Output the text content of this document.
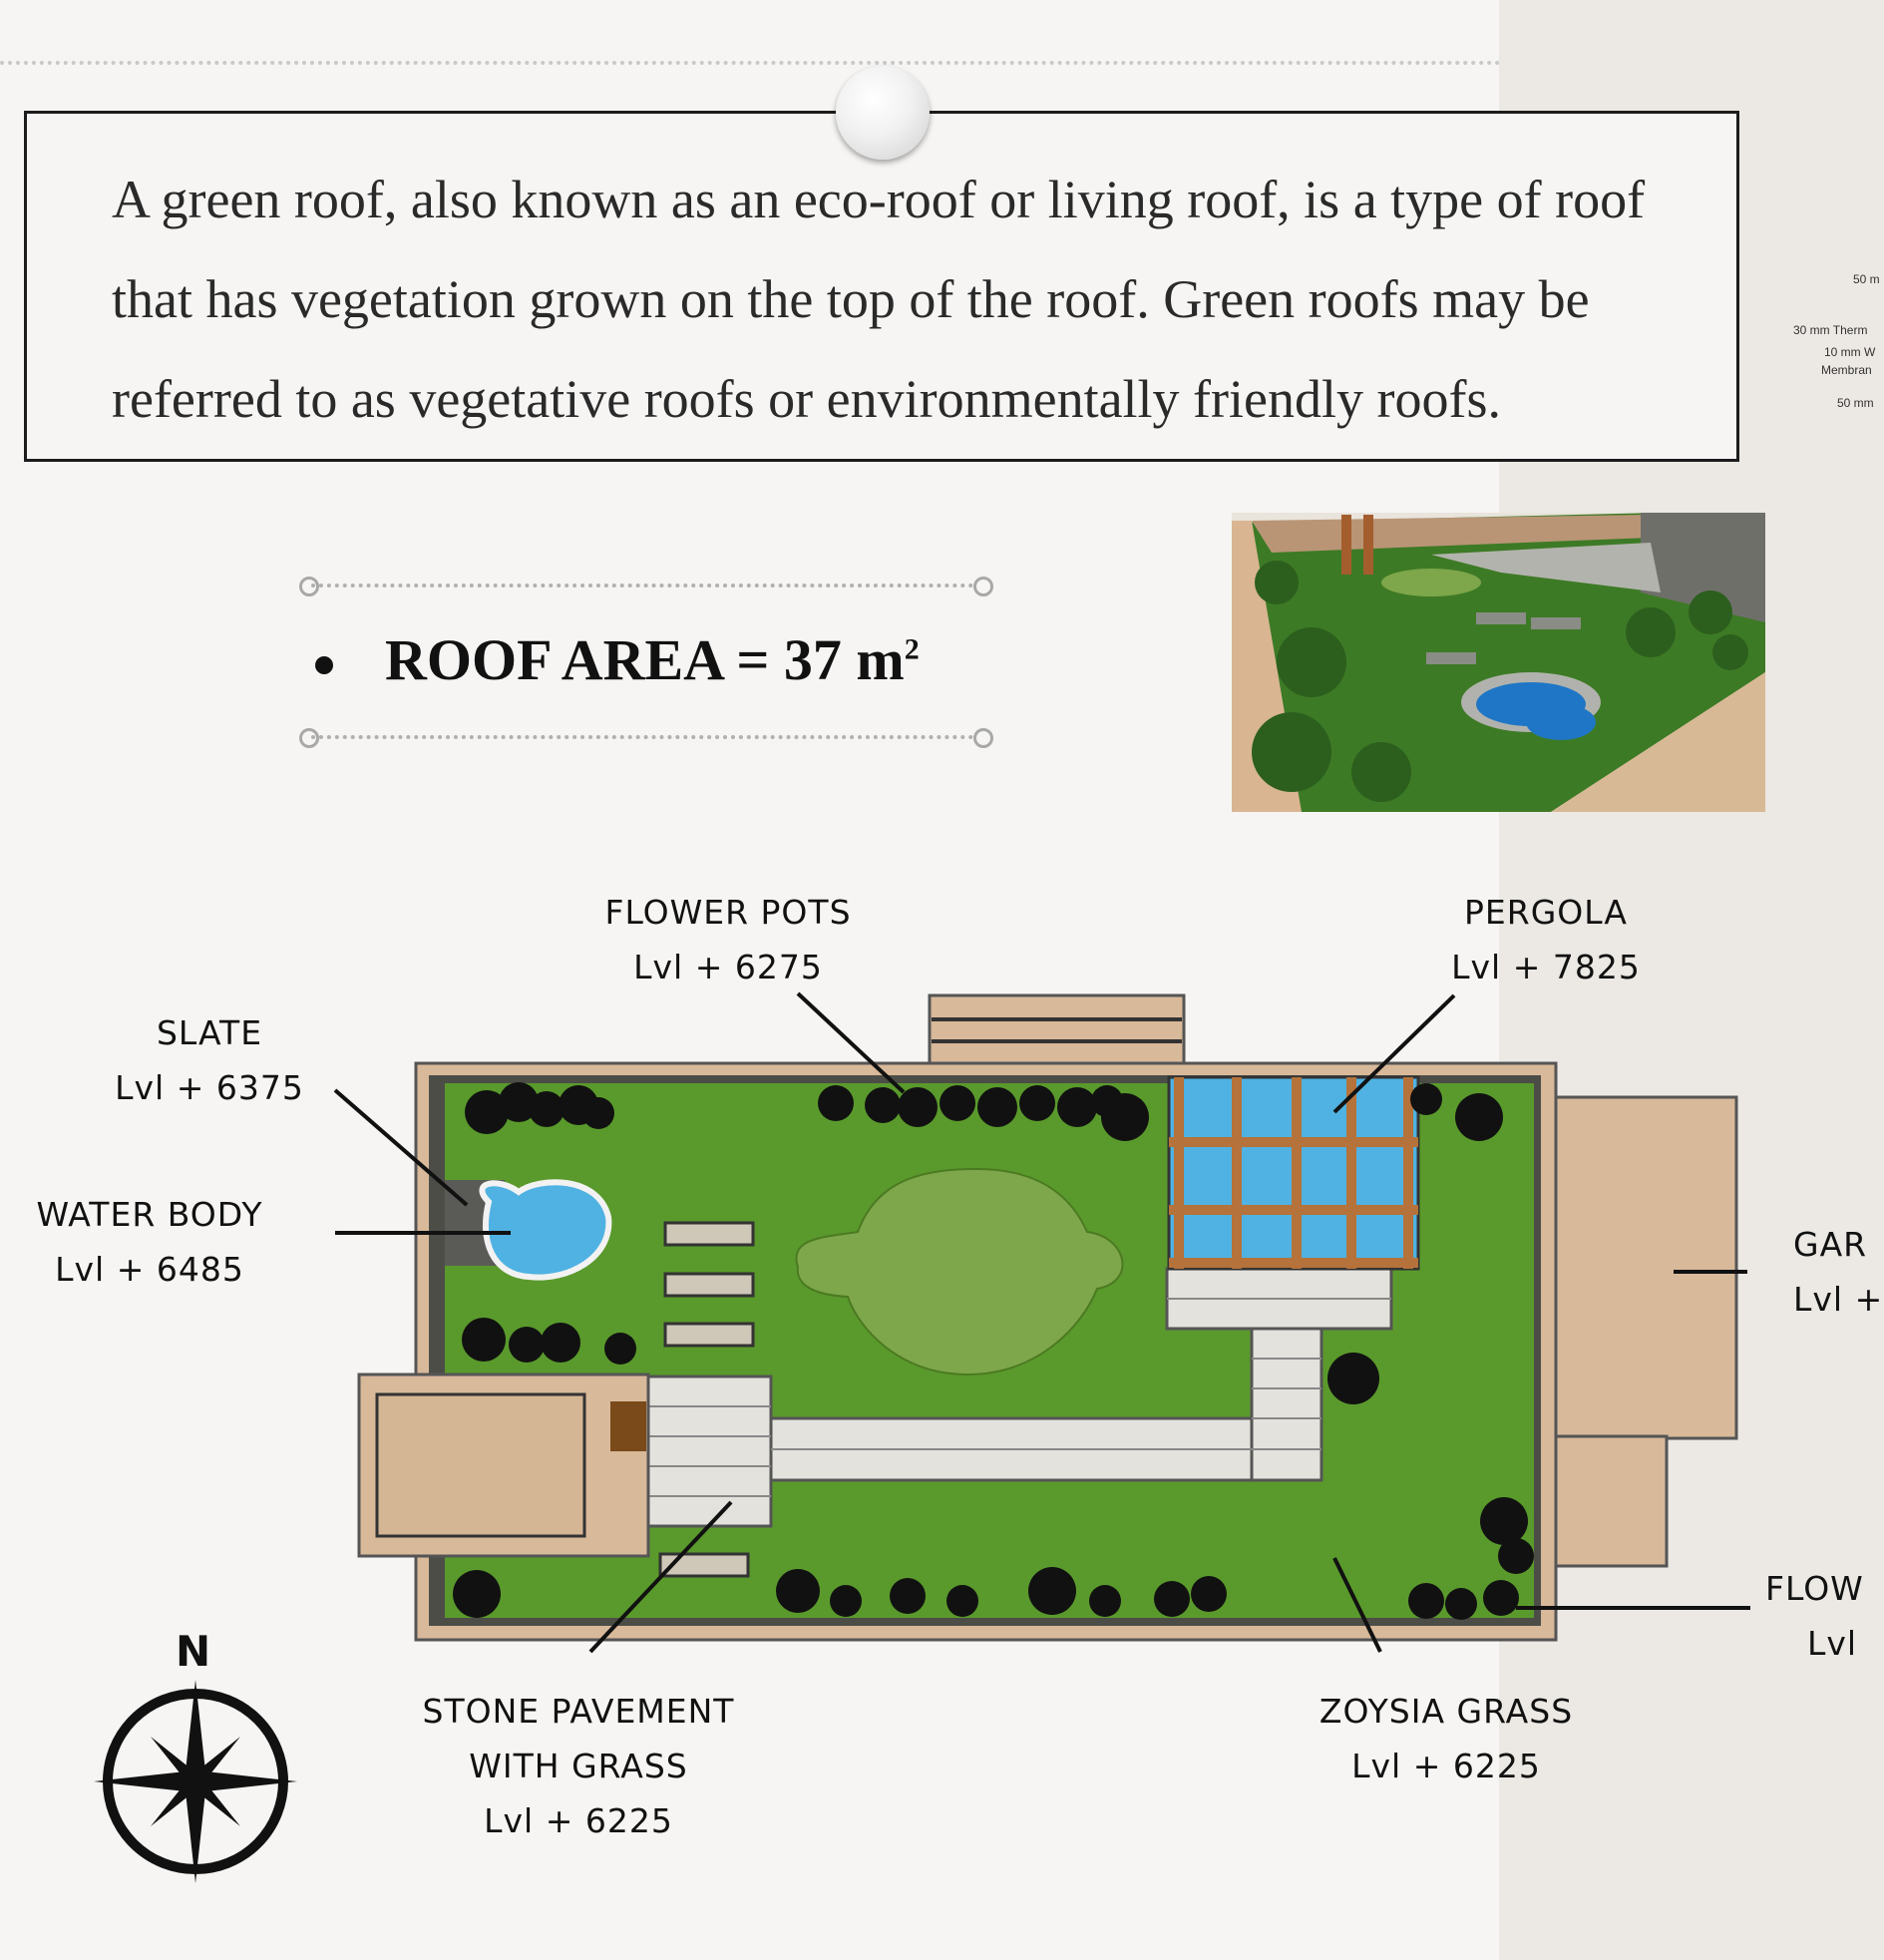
50 m
30 mm Therm
10 mm W
Membran
50 mm
A green roof, also known as an eco-roof or living roof, is a type of roof that has vegetation grown on the top of the roof. Green roofs may be referred to as vegetative roofs or environmentally friendly roofs.
ROOF AREA = 37 $m^2$
N
FLOWER POTS
Lvl + 6275
PERGOLA
Lvl + 7825
SLATE
Lvl + 6375
WATER BODY
Lvl + 6485
GAR
Lvl +
FLOW
Lvl
STONE PAVEMENT
WITH GRASS
Lvl + 6225
ZOYSIA GRASS
Lvl + 6225
